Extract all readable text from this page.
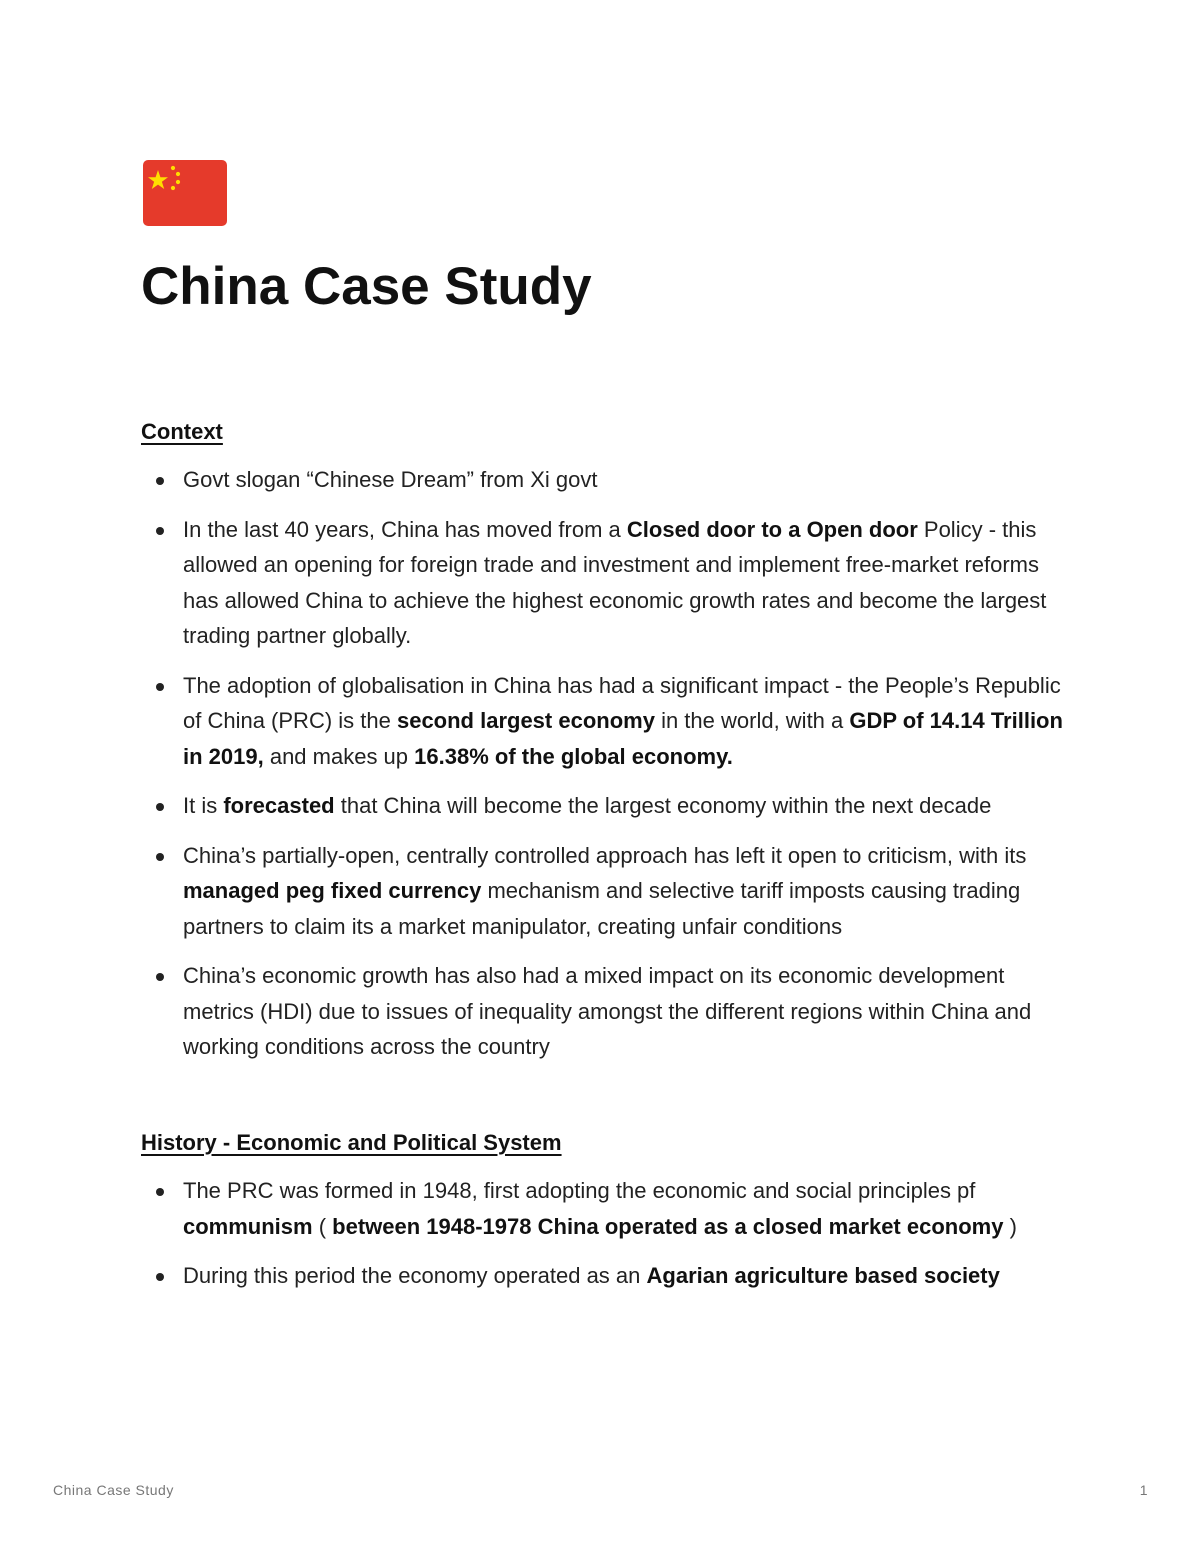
China Case Study
Context
Govt slogan “Chinese Dream” from Xi govt
In the last 40 years, China has moved from a Closed door to a Open door Policy - this allowed an opening for foreign trade and investment and implement free-market reforms has allowed China to achieve the highest economic growth rates and become the largest trading partner globally.
The adoption of globalisation in China has had a significant impact - the People’s Republic of China (PRC) is the second largest economy in the world, with a GDP of 14.14 Trillion in 2019, and makes up 16.38% of the global economy.
It is forecasted that China will become the largest economy within the next decade
China’s partially-open, centrally controlled approach has left it open to criticism, with its managed peg fixed currency mechanism and selective tariff imposts causing trading partners to claim its a market manipulator, creating unfair conditions
China’s economic growth has also had a mixed impact on its economic development metrics (HDI) due to issues of inequality amongst the different regions within China and working conditions across the country
History - Economic and Political System
The PRC was formed in 1948, first adopting the economic and social principles pf communism ( between 1948-1978 China operated as a closed market economy )
During this period the economy operated as an Agarian agriculture based society
China Case Study	1
